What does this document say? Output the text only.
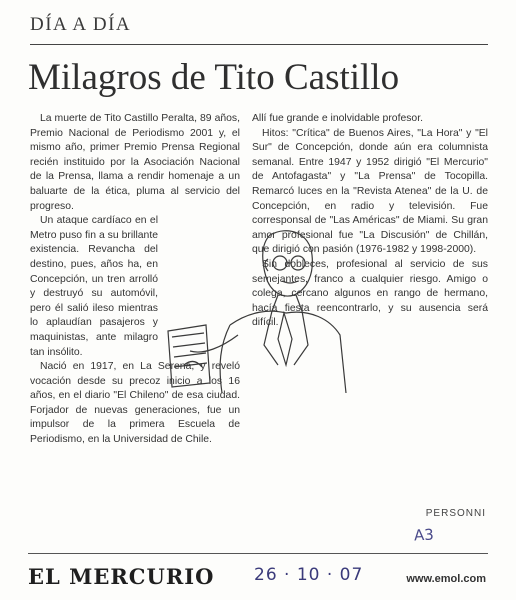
DÍA A DÍA
Milagros de Tito Castillo

La muerte de Tito Castillo Peralta, 89 años, Premio Nacional de Periodismo 2001 y, el mismo año, primer Premio Prensa Regional recién instituido por la Asociación Nacional de la Prensa, llama a rendir homenaje a un baluarte de la ética, pluma al servicio del progreso.

Un ataque cardíaco en el Metro puso fin a su brillante existencia. Revancha del destino, pues, años ha, en Concepción, un tren arrolló y destruyó su automóvil, pero él salió ileso mientras lo aplaudían pasajeros y maquinistas, ante milagro tan insólito.

Nació en 1917, en La Serena, y reveló vocación desde su precoz inicio a los 16 años, en el diario "El Chileno" de esa ciudad. Forjador de nuevas generaciones, fue un impulsor de la primera Escuela de Periodismo, en la Universidad de Chile.

Allí fue grande e inolvidable profesor.

Hitos: "Crítica" de Buenos Aires, "La Hora" y "El Sur" de Concepción, donde aún era columnista semanal. Entre 1947 y 1952 dirigió "El Mercurio" de Antofagasta" y "La Prensa" de Tocopilla. Remarcó luces en la "Revista Atenea" de la U. de Concepción, en radio y televisión. Fue corresponsal de "Las Américas" de Miami. Su gran amor profesional fue "La Discusión" de Chillán, que dirigió con pasión (1976-1982 y 1998-2000).

Sin dobleces, profesional al servicio de sus semejantes, franco a cualquier riesgo. Amigo o colega, cercano algunos en rango de hermano, hacía fiesta reencontrarlo, y su ausencia será difícil.

PERSONNI
A3
EL MERCURIO 26 · 10 · 07	www.emol.com
